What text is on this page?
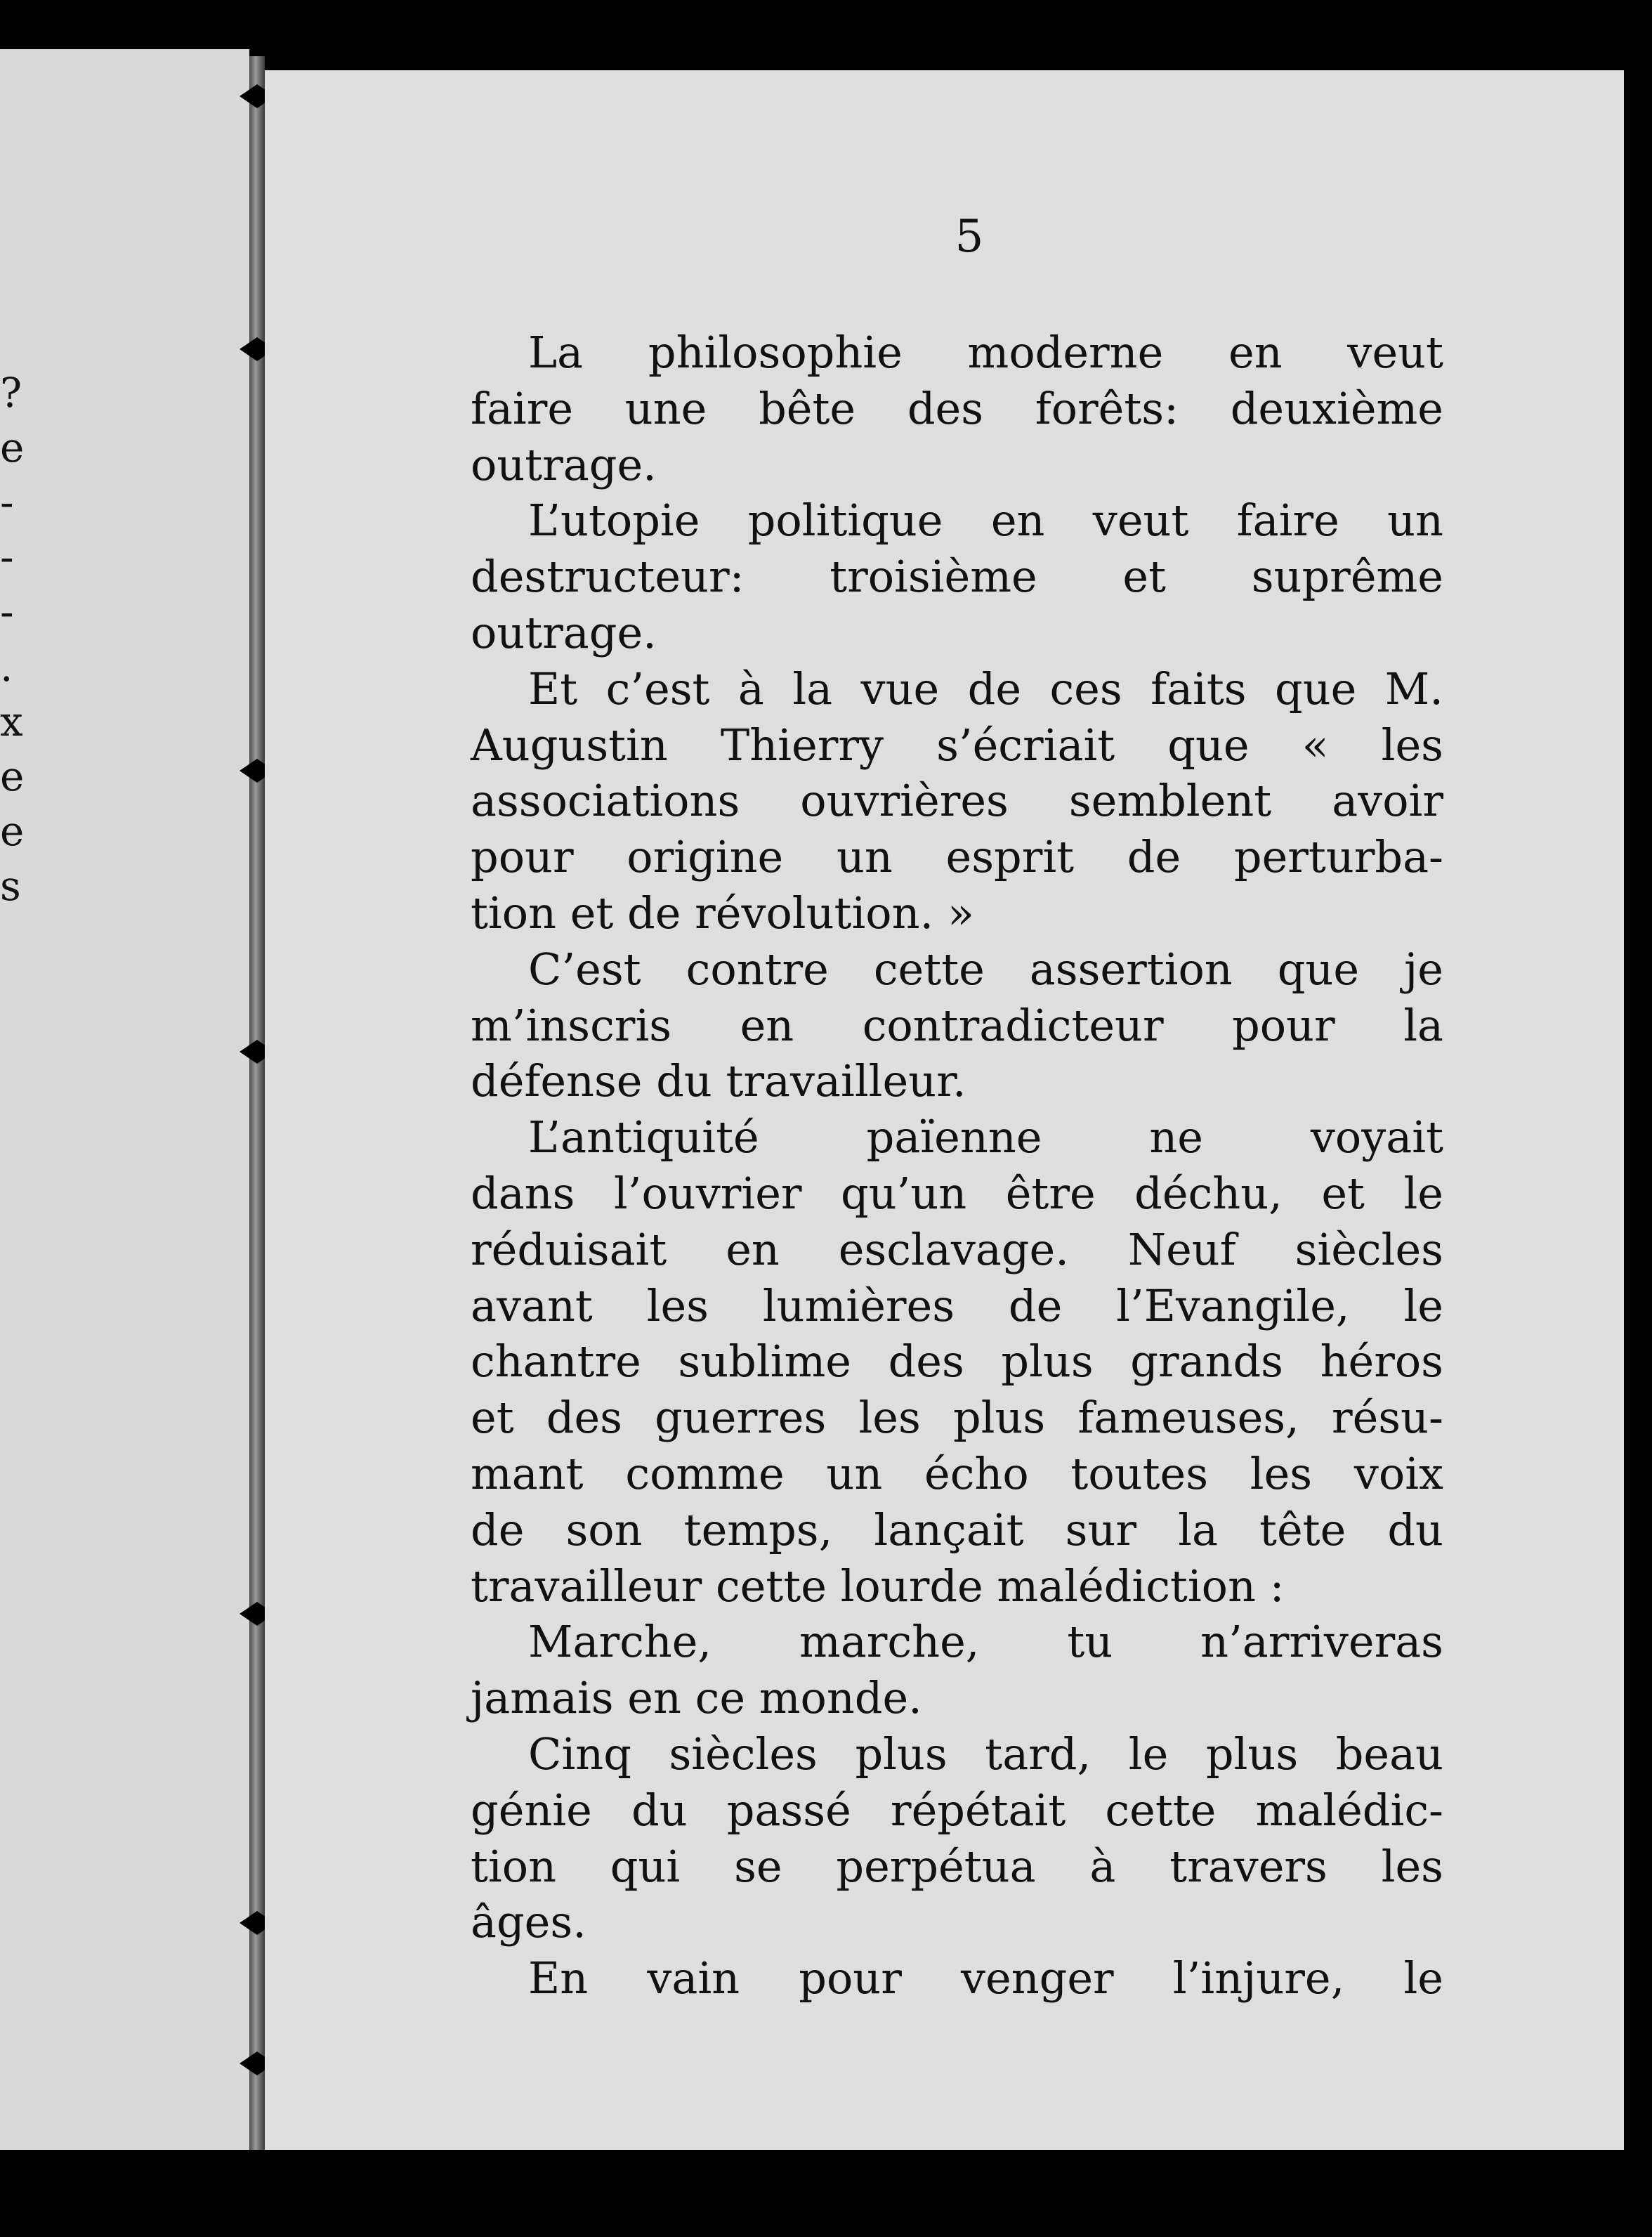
?
e
-
-
-
.
x
e
e
s
5
La philosophie moderne en veut
faire une bête des forêts: deuxième
outrage.
L’utopie politique en veut faire un
destructeur: troisième et suprême
outrage.
Et c’est à la vue de ces faits que M.
Augustin Thierry s’écriait que « les
associations ouvrières semblent avoir
pour origine un esprit de perturba-
tion et de révolution. »
C’est contre cette assertion que je
m’inscris en contradicteur pour la
défense du travailleur.
L’antiquité païenne ne voyait
dans l’ouvrier qu’un être déchu, et le
réduisait en esclavage. Neuf siècles
avant les lumières de l’Evangile, le
chantre sublime des plus grands héros
et des guerres les plus fameuses, résu-
mant comme un écho toutes les voix
de son temps, lançait sur la tête du
travailleur cette lourde malédiction :
Marche, marche, tu n’arriveras
jamais en ce monde.
Cinq siècles plus tard, le plus beau
génie du passé répétait cette malédic-
tion qui se perpétua à travers les
âges.
En vain pour venger l’injure, le
